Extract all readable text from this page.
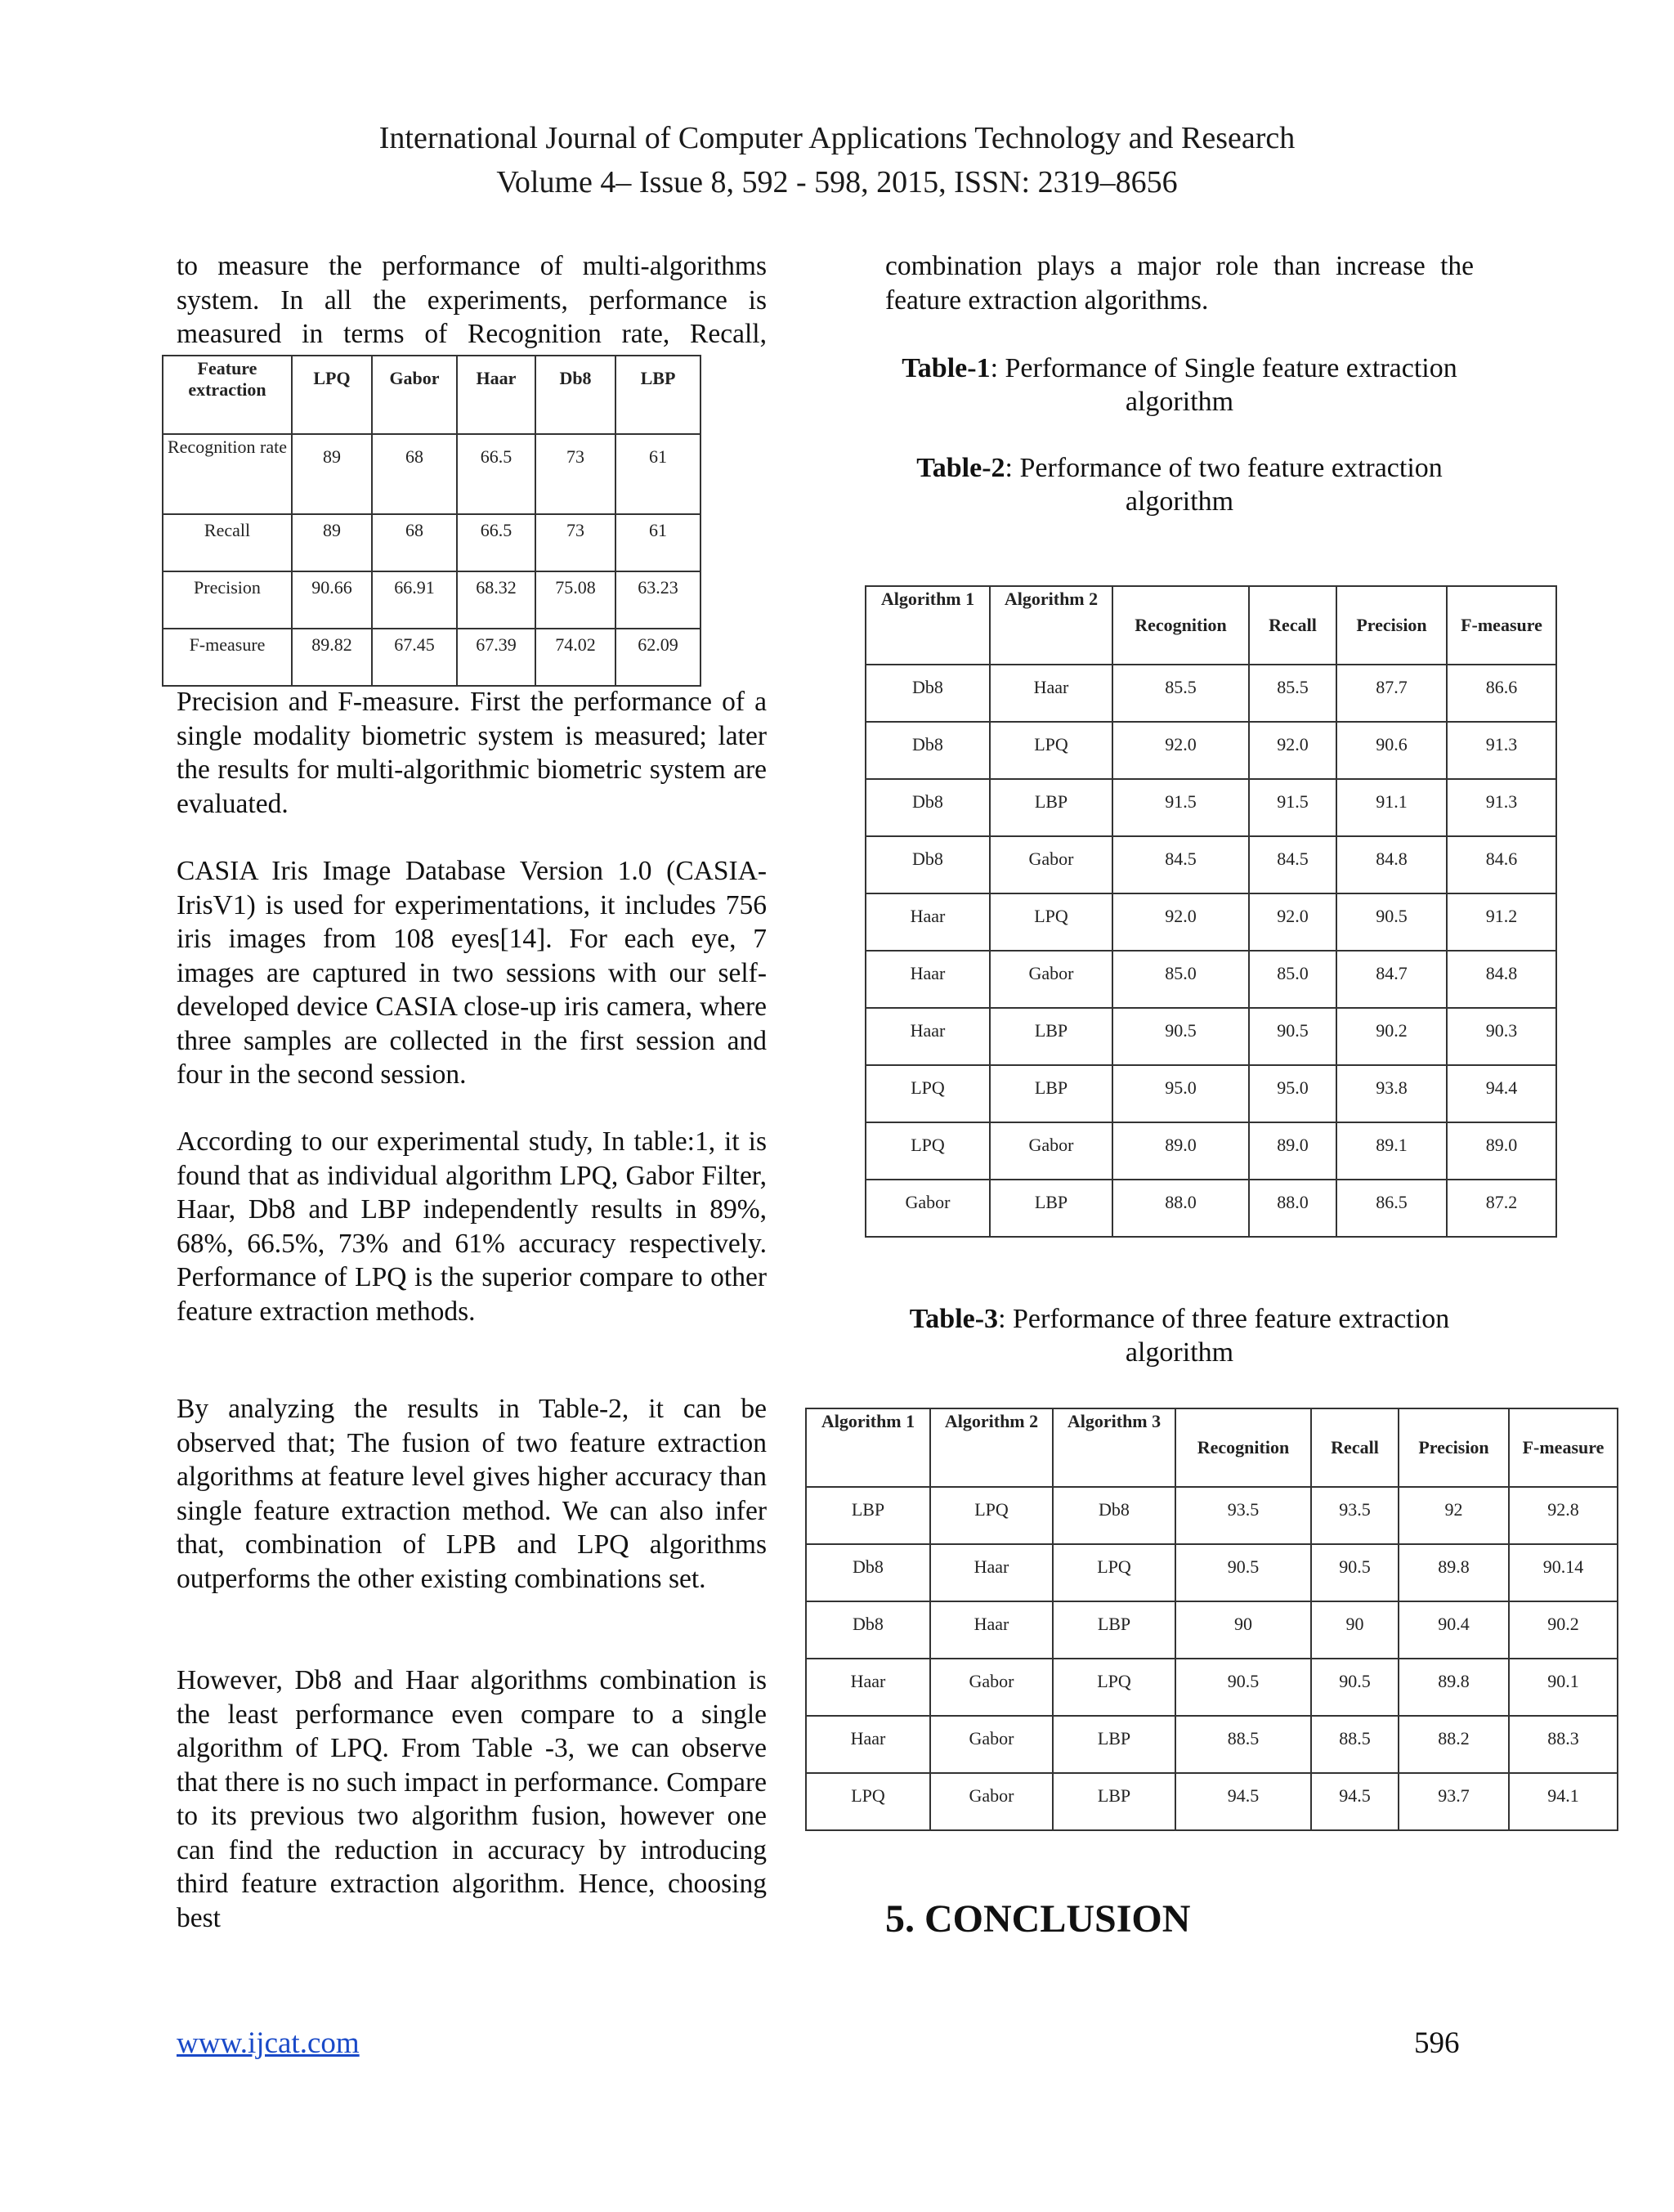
International Journal of Computer Applications Technology and Research
Volume 4– Issue 8, 592 - 598, 2015, ISSN: 2319–8656
to measure the performance of multi-algorithms
system. In all the experiments, performance is
measured in terms of Recognition rate, Recall,
Feature extraction	LPQ	Gabor	Haar	Db8	LBP
Recognition rate	89	68	66.5	73	61
Recall	89	68	66.5	73	61
Precision	90.66	66.91	68.32	75.08	63.23
F-measure	89.82	67.45	67.39	74.02	62.09

Precision and F-measure. First the performance of a single modality biometric system is measured; later the results for multi-algorithmic biometric system are evaluated.

CASIA Iris Image Database Version 1.0 (CASIA-IrisV1) is used for experimentations, it includes 756 iris images from 108 eyes[14]. For each eye, 7 images are captured in two sessions with our self-developed device CASIA close-up iris camera, where three samples are collected in the first session and four in the second session.

According to our experimental study, In table:1, it is found that as individual algorithm LPQ, Gabor Filter, Haar, Db8 and LBP independently results in 89%, 68%, 66.5%, 73% and 61% accuracy respectively. Performance of LPQ is the superior compare to other feature extraction methods.

By analyzing the results in Table-2, it can be observed that; The fusion of two feature extraction algorithms at feature level gives higher accuracy than single feature extraction method. We can also infer that, combination of LPB and LPQ algorithms outperforms the other existing combinations set.

However, Db8 and Haar algorithms combination is the least performance even compare to a single algorithm of LPQ. From Table -3, we can observe that there is no such impact in performance. Compare to its previous two algorithm fusion, however one can find the reduction in accuracy by introducing third feature extraction algorithm. Hence, choosing best

combination plays a major role than increase the feature extraction algorithms.

Table-1: Performance of Single feature extraction algorithm
Table-2: Performance of two feature extraction algorithm
Algorithm 1	Algorithm 2	Recognition	Recall	Precision	F-measure
Db8	Haar	85.5	85.5	87.7	86.6
Db8	LPQ	92.0	92.0	90.6	91.3
Db8	LBP	91.5	91.5	91.1	91.3
Db8	Gabor	84.5	84.5	84.8	84.6
Haar	LPQ	92.0	92.0	90.5	91.2
Haar	Gabor	85.0	85.0	84.7	84.8
Haar	LBP	90.5	90.5	90.2	90.3
LPQ	LBP	95.0	95.0	93.8	94.4
LPQ	Gabor	89.0	89.0	89.1	89.0
Gabor	LBP	88.0	88.0	86.5	87.2
Table-3: Performance of three feature extraction algorithm
Algorithm 1	Algorithm 2	Algorithm 3	Recognition	Recall	Precision	F-measure
LBP	LPQ	Db8	93.5	93.5	92	92.8
Db8	Haar	LPQ	90.5	90.5	89.8	90.14
Db8	Haar	LBP	90	90	90.4	90.2
Haar	Gabor	LPQ	90.5	90.5	89.8	90.1
Haar	Gabor	LBP	88.5	88.5	88.2	88.3
LPQ	Gabor	LBP	94.5	94.5	93.7	94.1
5. CONCLUSION
www.ijcat.com	596
